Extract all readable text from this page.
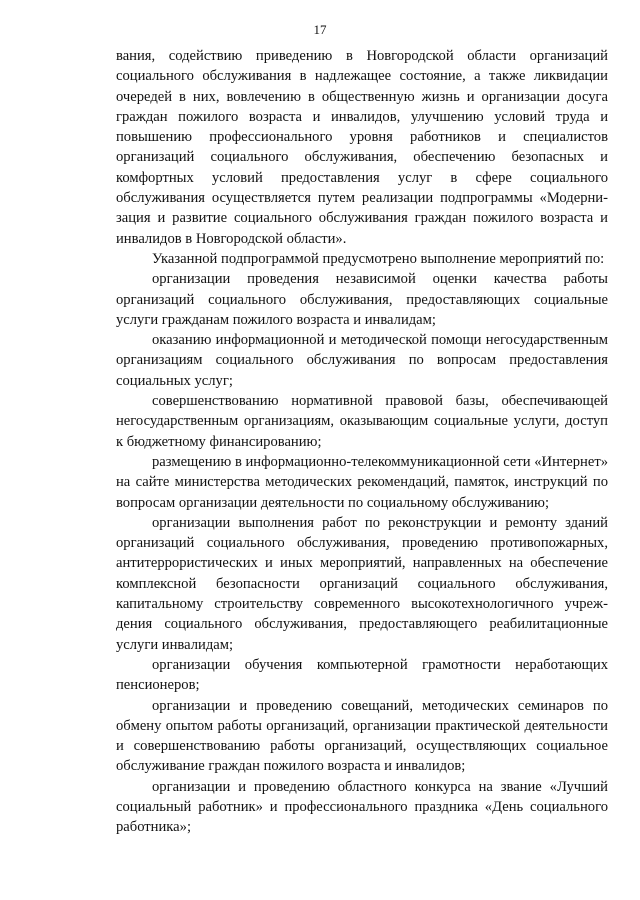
17

вания, содействию приведению в Новгородской области организаций социального обслуживания в надлежащее состояние, а также ликвидации очередей в них, вовлечению в общественную жизнь и организации досуга граждан пожилого возраста и инвалидов, улучшению условий труда и повышению профессионального уровня работников и специалистов организаций социального обслуживания, обеспечению безопасных и комфортных условий предоставления услуг в сфере социального обслуживания осуществляется путем реализации подпрограммы «Модернизация и развитие социального обслуживания граждан пожилого возраста и инвалидов в Новгородской области».

Указанной подпрограммой предусмотрено выполнение мероприятий по:

организации проведения независимой оценки качества работы организаций социального обслуживания, предоставляющих социальные услуги гражданам пожилого возраста и инвалидам;

оказанию информационной и методической помощи негосударственным организациям социального обслуживания по вопросам предоставления социальных услуг;

совершенствованию нормативной правовой базы, обеспечивающей негосударственным организациям, оказывающим социальные услуги, доступ к бюджетному финансированию;

размещению в информационно-телекоммуникационной сети «Интернет» на сайте министерства методических рекомендаций, памяток, инструкций по вопросам организации деятельности по социальному обслуживанию;

организации выполнения работ по реконструкции и ремонту зданий организаций социального обслуживания, проведению противопожарных, антитеррористических и иных мероприятий, направленных на обеспечение комплексной безопасности организаций социального обслуживания, капитальному строительству современного высокотехнологичного учреждения социального обслуживания, предоставляющего реабилитационные услуги инвалидам;

организации обучения компьютерной грамотности неработающих пенсионеров;

организации и проведению совещаний, методических семинаров по обмену опытом работы организаций, организации практической деятельности и совершенствованию работы организаций, осуществляющих социальное обслуживание граждан пожилого возраста и инвалидов;

организации и проведению областного конкурса на звание «Лучший социальный работник» и профессионального праздника «День социального работника»;
